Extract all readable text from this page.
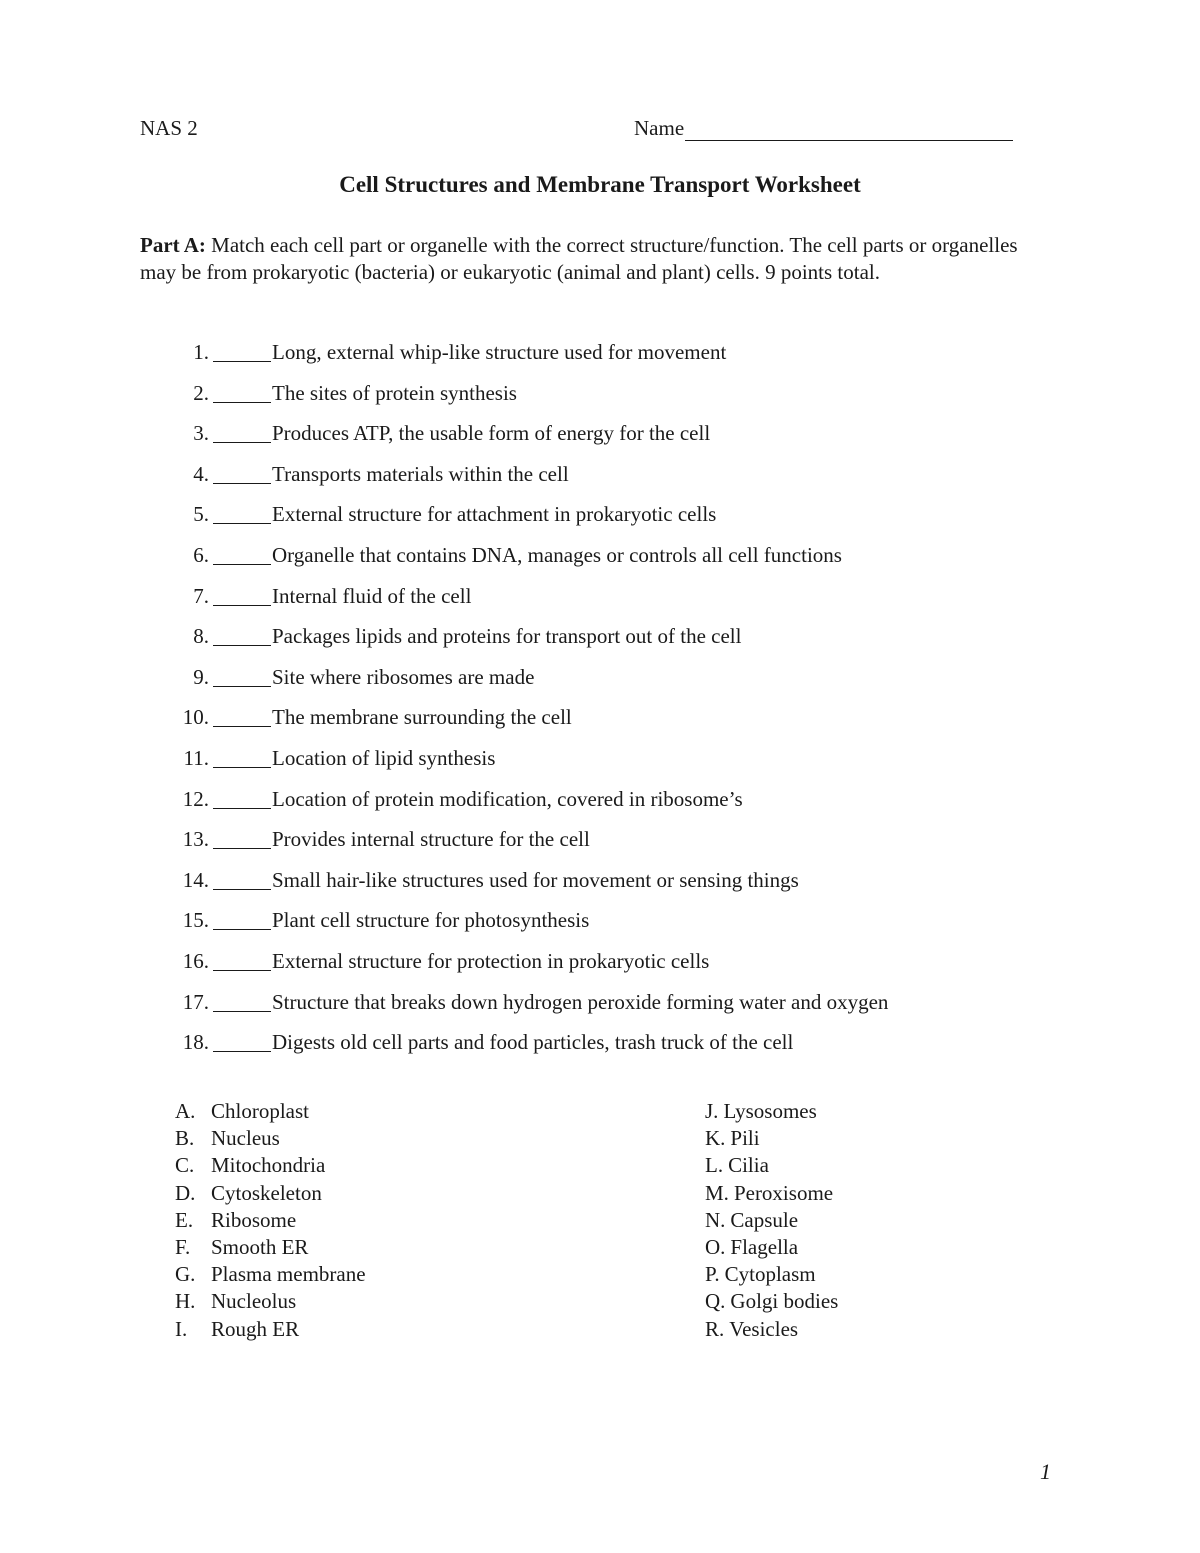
NAS 2	Name
Cell Structures and Membrane Transport Worksheet
Part A: Match each cell part or organelle with the correct structure/function. The cell parts or organelles may be from prokaryotic (bacteria) or eukaryotic (animal and plant) cells. 9 points total.
1.	Long, external whip-like structure used for movement
2.	The sites of protein synthesis
3.	Produces ATP, the usable form of energy for the cell
4.	Transports materials within the cell
5.	External structure for attachment in prokaryotic cells
6.	Organelle that contains DNA, manages or controls all cell functions
7.	Internal fluid of the cell
8.	Packages lipids and proteins for transport out of the cell
9.	Site where ribosomes are made
10.	The membrane surrounding the cell
11.	Location of lipid synthesis
12.	Location of protein modification, covered in ribosome’s
13.	Provides internal structure for the cell
14.	Small hair-like structures used for movement or sensing things
15.	Plant cell structure for photosynthesis
16.	External structure for protection in prokaryotic cells
17.	Structure that breaks down hydrogen peroxide forming water and oxygen
18.	Digests old cell parts and food particles, trash truck of the cell
A. Chloroplast
B. Nucleus
C. Mitochondria
D. Cytoskeleton
E. Ribosome
F. Smooth ER
G. Plasma membrane
H. Nucleolus
I. Rough ER
J. Lysosomes
K. Pili
L. Cilia
M. Peroxisome
N. Capsule
O. Flagella
P. Cytoplasm
Q. Golgi bodies
R. Vesicles
1
